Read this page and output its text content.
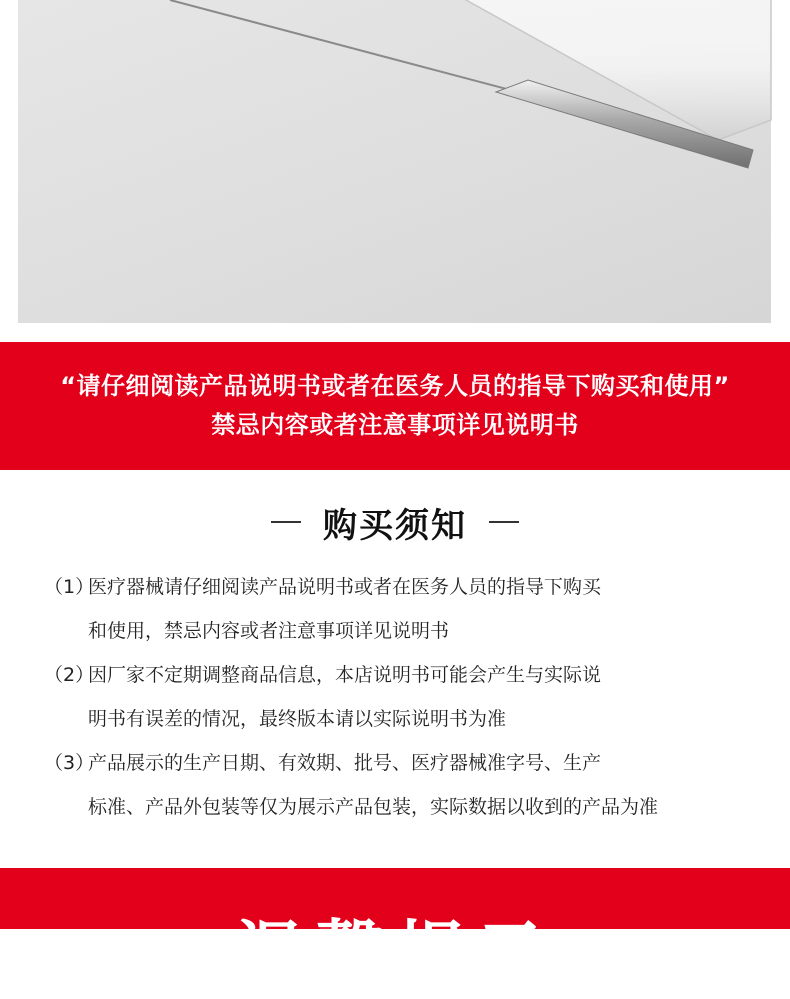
“请仔细阅读产品说明书或者在医务人员的指导下购买和使用”
禁忌内容或者注意事项详见说明书
购买须知
（1）
医疗器械请仔细阅读产品说明书或者在医务人员的指导下购买
和使用，禁忌内容或者注意事项详见说明书
（2）
因厂家不定期调整商品信息，本店说明书可能会产生与实际说
明书有误差的情况，最终版本请以实际说明书为准
（3）
产品展示的生产日期、有效期、批号、医疗器械准字号、生产
标准、产品外包装等仅为展示产品包装，实际数据以收到的产品为准
温馨提示
